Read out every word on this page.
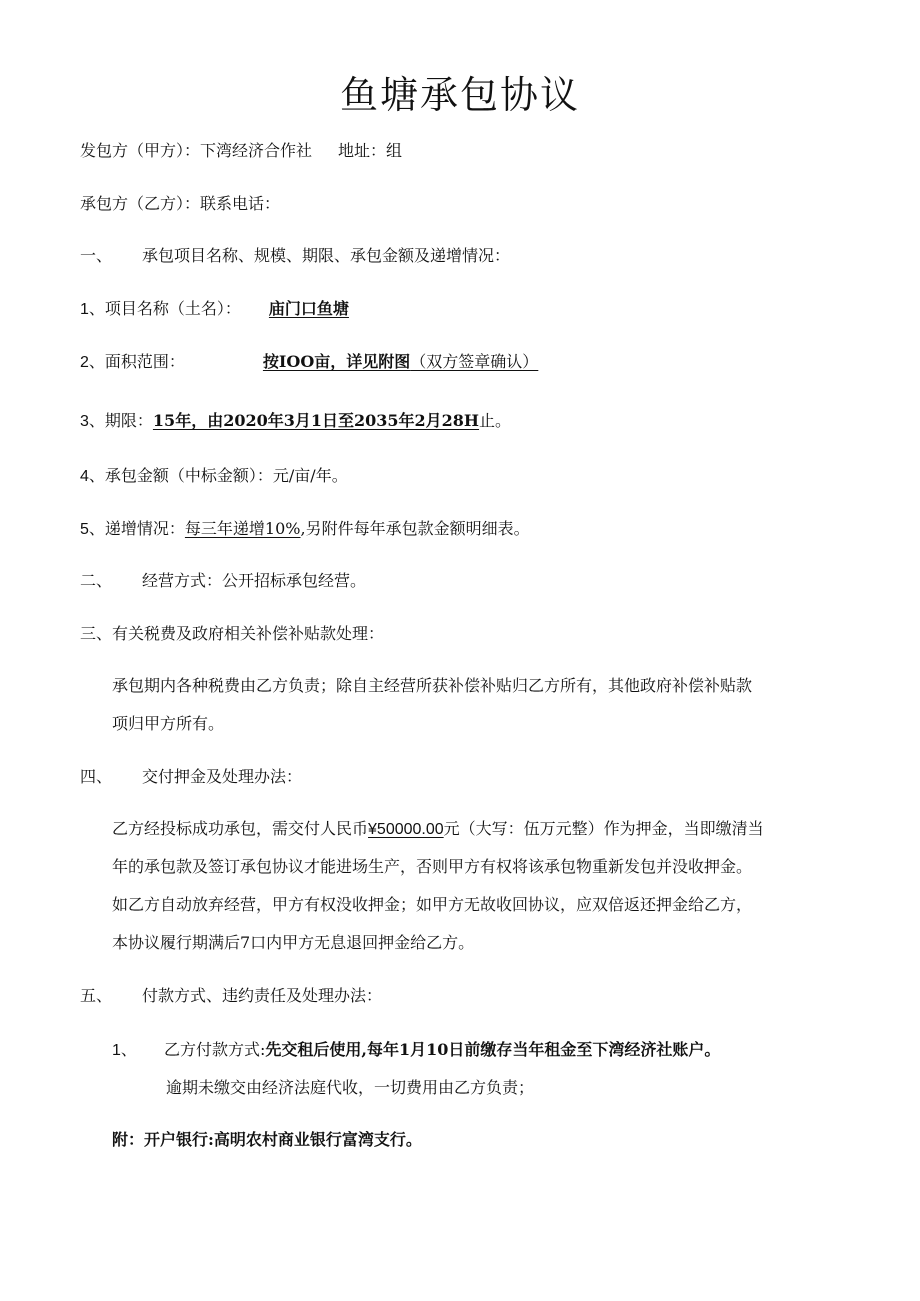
鱼塘承包协议
发包方（甲方）：下湾经济合作社 地址：组
承包方（乙方）：联系电话：
一、 承包项目名称、规模、期限、承包金额及递增情况：
1、项目名称（土名）： 庙门口鱼塘
2、面积范围：	按IOO亩，详见附图（双方签章确认）
3、期限：15年，由2020年3月1日至2035年2月28H止。
4、承包金额（中标金额）：元/亩/年。
5、递增情况：每三年递增10%,另附件每年承包款金额明细表。
二、 经营方式：公开招标承包经营。
三、有关税费及政府相关补偿补贴款处理：
承包期内各种税费由乙方负责；除自主经营所获补偿补贴归乙方所有，其他政府补偿补贴款
项归甲方所有。
四、 交付押金及处理办法：
乙方经投标成功承包，需交付人民币¥50000.00元（大写：伍万元整）作为押金，当即缴清当
年的承包款及签订承包协议才能进场生产，否则甲方有权将该承包物重新发包并没收押金。
如乙方自动放弃经营，甲方有权没收押金；如甲方无故收回协议，应双倍返还押金给乙方，
本协议履行期满后7口内甲方无息退回押金给乙方。
五、 付款方式、违约责任及处理办法：
1、 乙方付款方式:先交租后使用,每年1月10日前缴存当年租金至下湾经济社账户。
逾期未缴交由经济法庭代收，一切费用由乙方负责；
附：开户银行:高明农村商业银行富湾支行。
